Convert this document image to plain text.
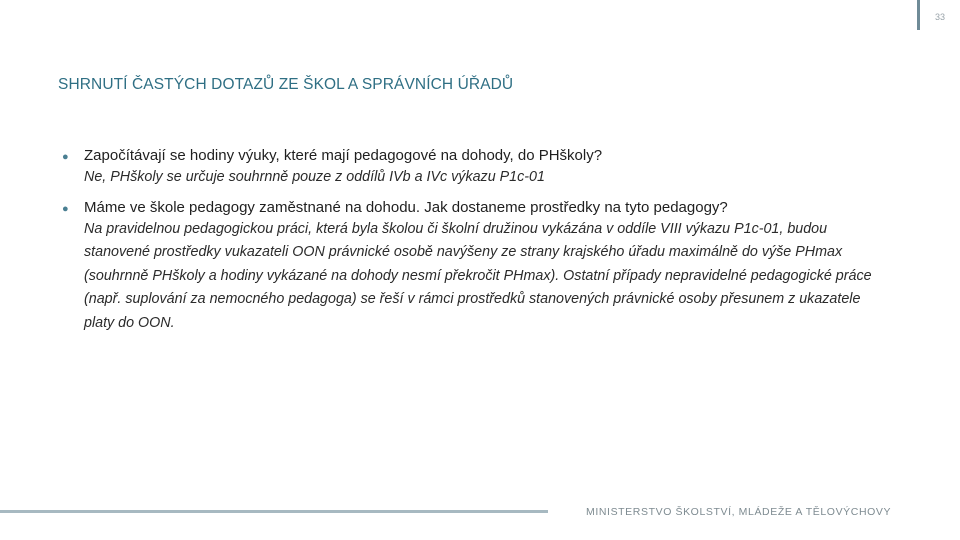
33
SHRNUTÍ ČASTÝCH DOTAZŮ ZE ŠKOL A SPRÁVNÍCH ÚŘADŮ
● Započítávají se hodiny výuky, které mají pedagogové na dohody, do PHškoly?
Ne, PHškoly se určuje souhrnně pouze z oddílů IVb a IVc výkazu P1c-01
● Máme ve škole pedagogy zaměstnané na dohodu. Jak dostaneme prostředky na tyto pedagogy?
Na pravidelnou pedagogickou práci, která byla školou či školní družinou vykázána v oddíle VIII výkazu P1c-01, budou stanovené prostředky vukazateli OON právnické osobě navýšeny ze strany krajského úřadu maximálně do výše PHmax (souhrnně PHškoly a hodiny vykázané na dohody nesmí překročit PHmax). Ostatní případy nepravidelné pedagogické práce (např. suplování za nemocného pedagoga) se řeší v rámci prostředků stanovených právnické osoby přesunem z ukazatele platy do OON.
MINISTERSTVO ŠKOLSTVÍ, MLÁDEŽE A TĚLOVÝCHOVY
